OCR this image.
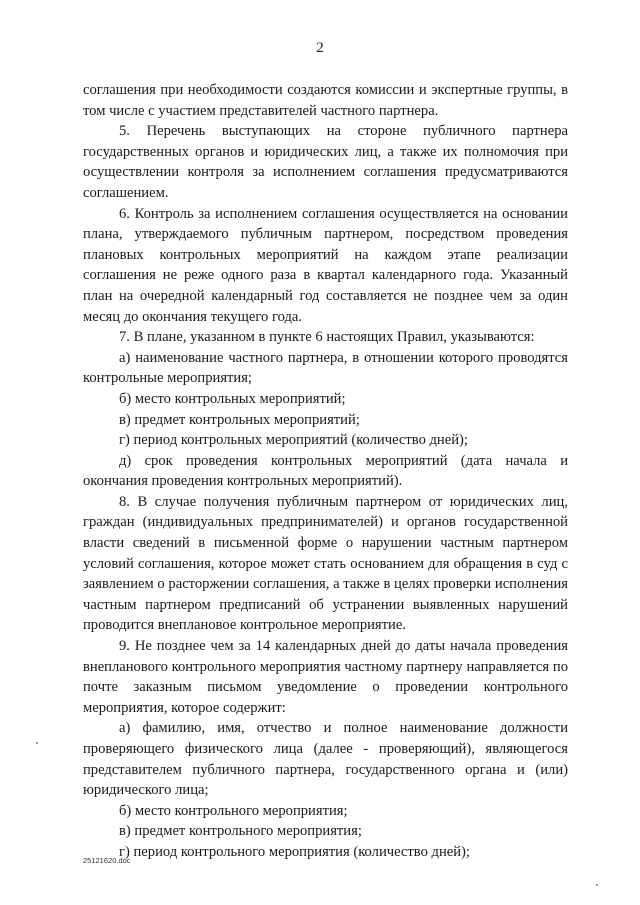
2

соглашения при необходимости создаются комиссии и экспертные группы, в том числе с участием представителей частного партнера.

5. Перечень выступающих на стороне публичного партнера государственных органов и юридических лиц, а также их полномочия при осуществлении контроля за исполнением соглашения предусматриваются соглашением.

6. Контроль за исполнением соглашения осуществляется на основании плана, утверждаемого публичным партнером, посредством проведения плановых контрольных мероприятий на каждом этапе реализации соглашения не реже одного раза в квартал календарного года. Указанный план на очередной календарный год составляется не позднее чем за один месяц до окончания текущего года.

7. В плане, указанном в пункте 6 настоящих Правил, указываются:

а) наименование частного партнера, в отношении которого проводятся контрольные мероприятия;

б) место контрольных мероприятий;

в) предмет контрольных мероприятий;

г) период контрольных мероприятий (количество дней);

д) срок проведения контрольных мероприятий (дата начала и окончания проведения контрольных мероприятий).

8. В случае получения публичным партнером от юридических лиц, граждан (индивидуальных предпринимателей) и органов государственной власти сведений в письменной форме о нарушении частным партнером условий соглашения, которое может стать основанием для обращения в суд с заявлением о расторжении соглашения, а также в целях проверки исполнения частным партнером предписаний об устранении выявленных нарушений проводится внеплановое контрольное мероприятие.

9. Не позднее чем за 14 календарных дней до даты начала проведения внепланового контрольного мероприятия частному партнеру направляется по почте заказным письмом уведомление о проведении контрольного мероприятия, которое содержит:

а) фамилию, имя, отчество и полное наименование должности проверяющего физического лица (далее - проверяющий), являющегося представителем публичного партнера, государственного органа и (или) юридического лица;

б) место контрольного мероприятия;

в) предмет контрольного мероприятия;

г) период контрольного мероприятия (количество дней);

25121620.doc
